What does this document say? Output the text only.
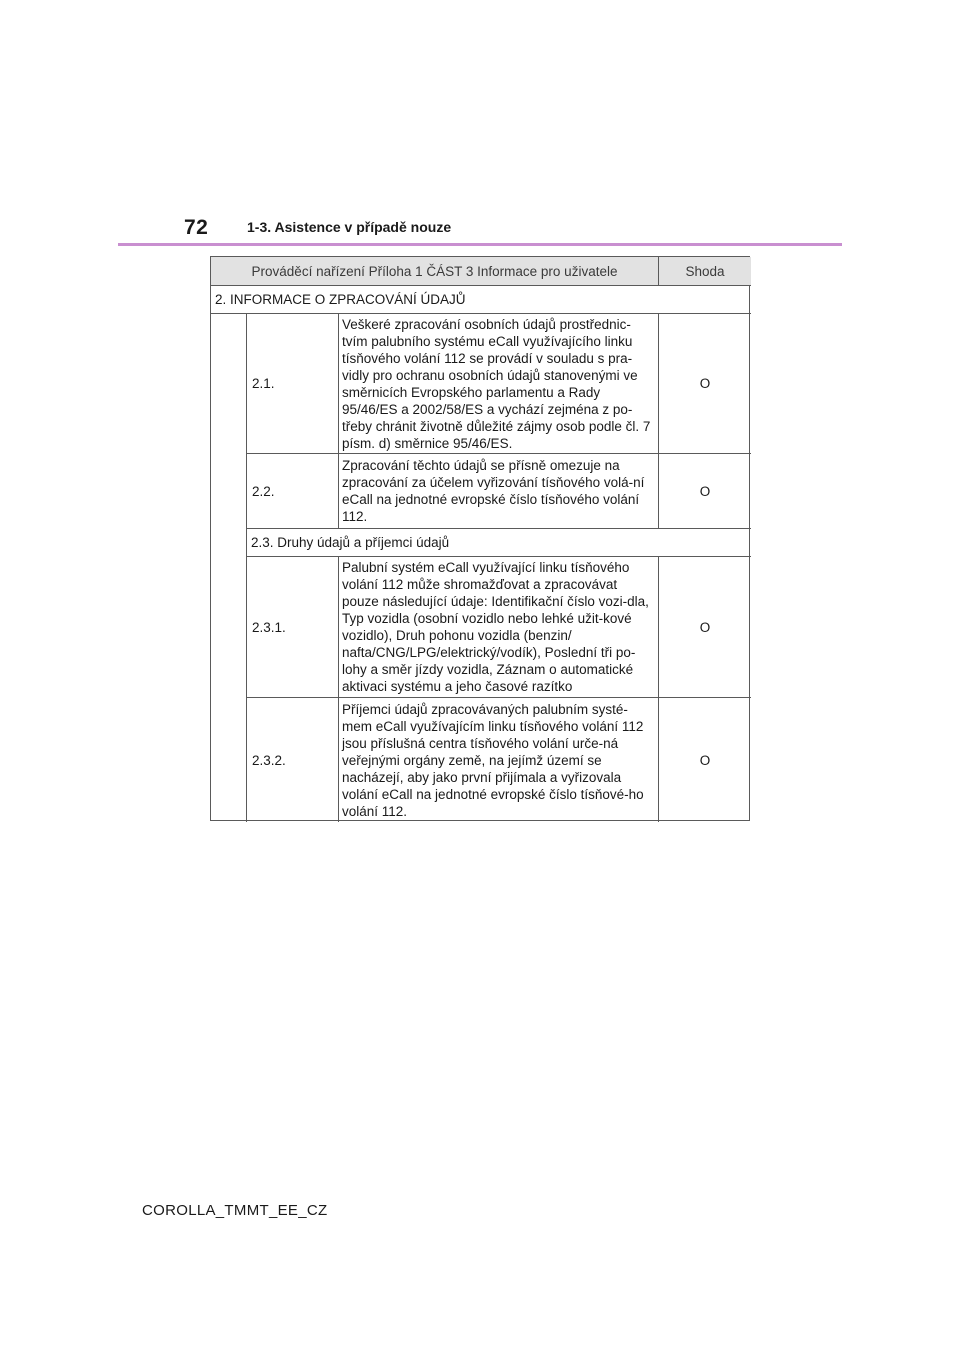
72	1-3. Asistence v případě nouze
Prováděcí nařízení Příloha 1 ČÁST 3 Informace pro uživatele	Shoda
2. INFORMACE O ZPRACOVÁNÍ ÚDAJŮ
2.1.
Veškeré zpracování osobních údajů prostřednic-tvím palubního systému eCall využívajícího linku tísňového volání 112 se provádí v souladu s pra-vidly pro ochranu osobních údajů stanovenými ve směrnicích Evropského parlamentu a Rady 95/46/ES a 2002/58/ES a vychází zejména z po-třeby chránit životně důležité zájmy osob podle čl. 7 písm. d) směrnice 95/46/ES.
O
2.2.
Zpracování těchto údajů se přísně omezuje na zpracování za účelem vyřizování tísňového volá-ní eCall na jednotné evropské číslo tísňového volání 112.
O
2.3. Druhy údajů a příjemci údajů
2.3.1.
Palubní systém eCall využívající linku tísňového volání 112 může shromažďovat a zpracovávat pouze následující údaje: Identifikační číslo vozi-dla, Typ vozidla (osobní vozidlo nebo lehké užit-kové vozidlo), Druh pohonu vozidla (benzin/ nafta/CNG/LPG/elektrický/vodík), Poslední tři po-lohy a směr jízdy vozidla, Záznam o automatické aktivaci systému a jeho časové razítko
O
2.3.2.
Příjemci údajů zpracovávaných palubním systé-mem eCall využívajícím linku tísňového volání 112 jsou příslušná centra tísňového volání urče-ná veřejnými orgány země, na jejímž území se nacházejí, aby jako první přijímala a vyřizovala volání eCall na jednotné evropské číslo tísňové-ho volání 112.
O
COROLLA_TMMT_EE_CZ
